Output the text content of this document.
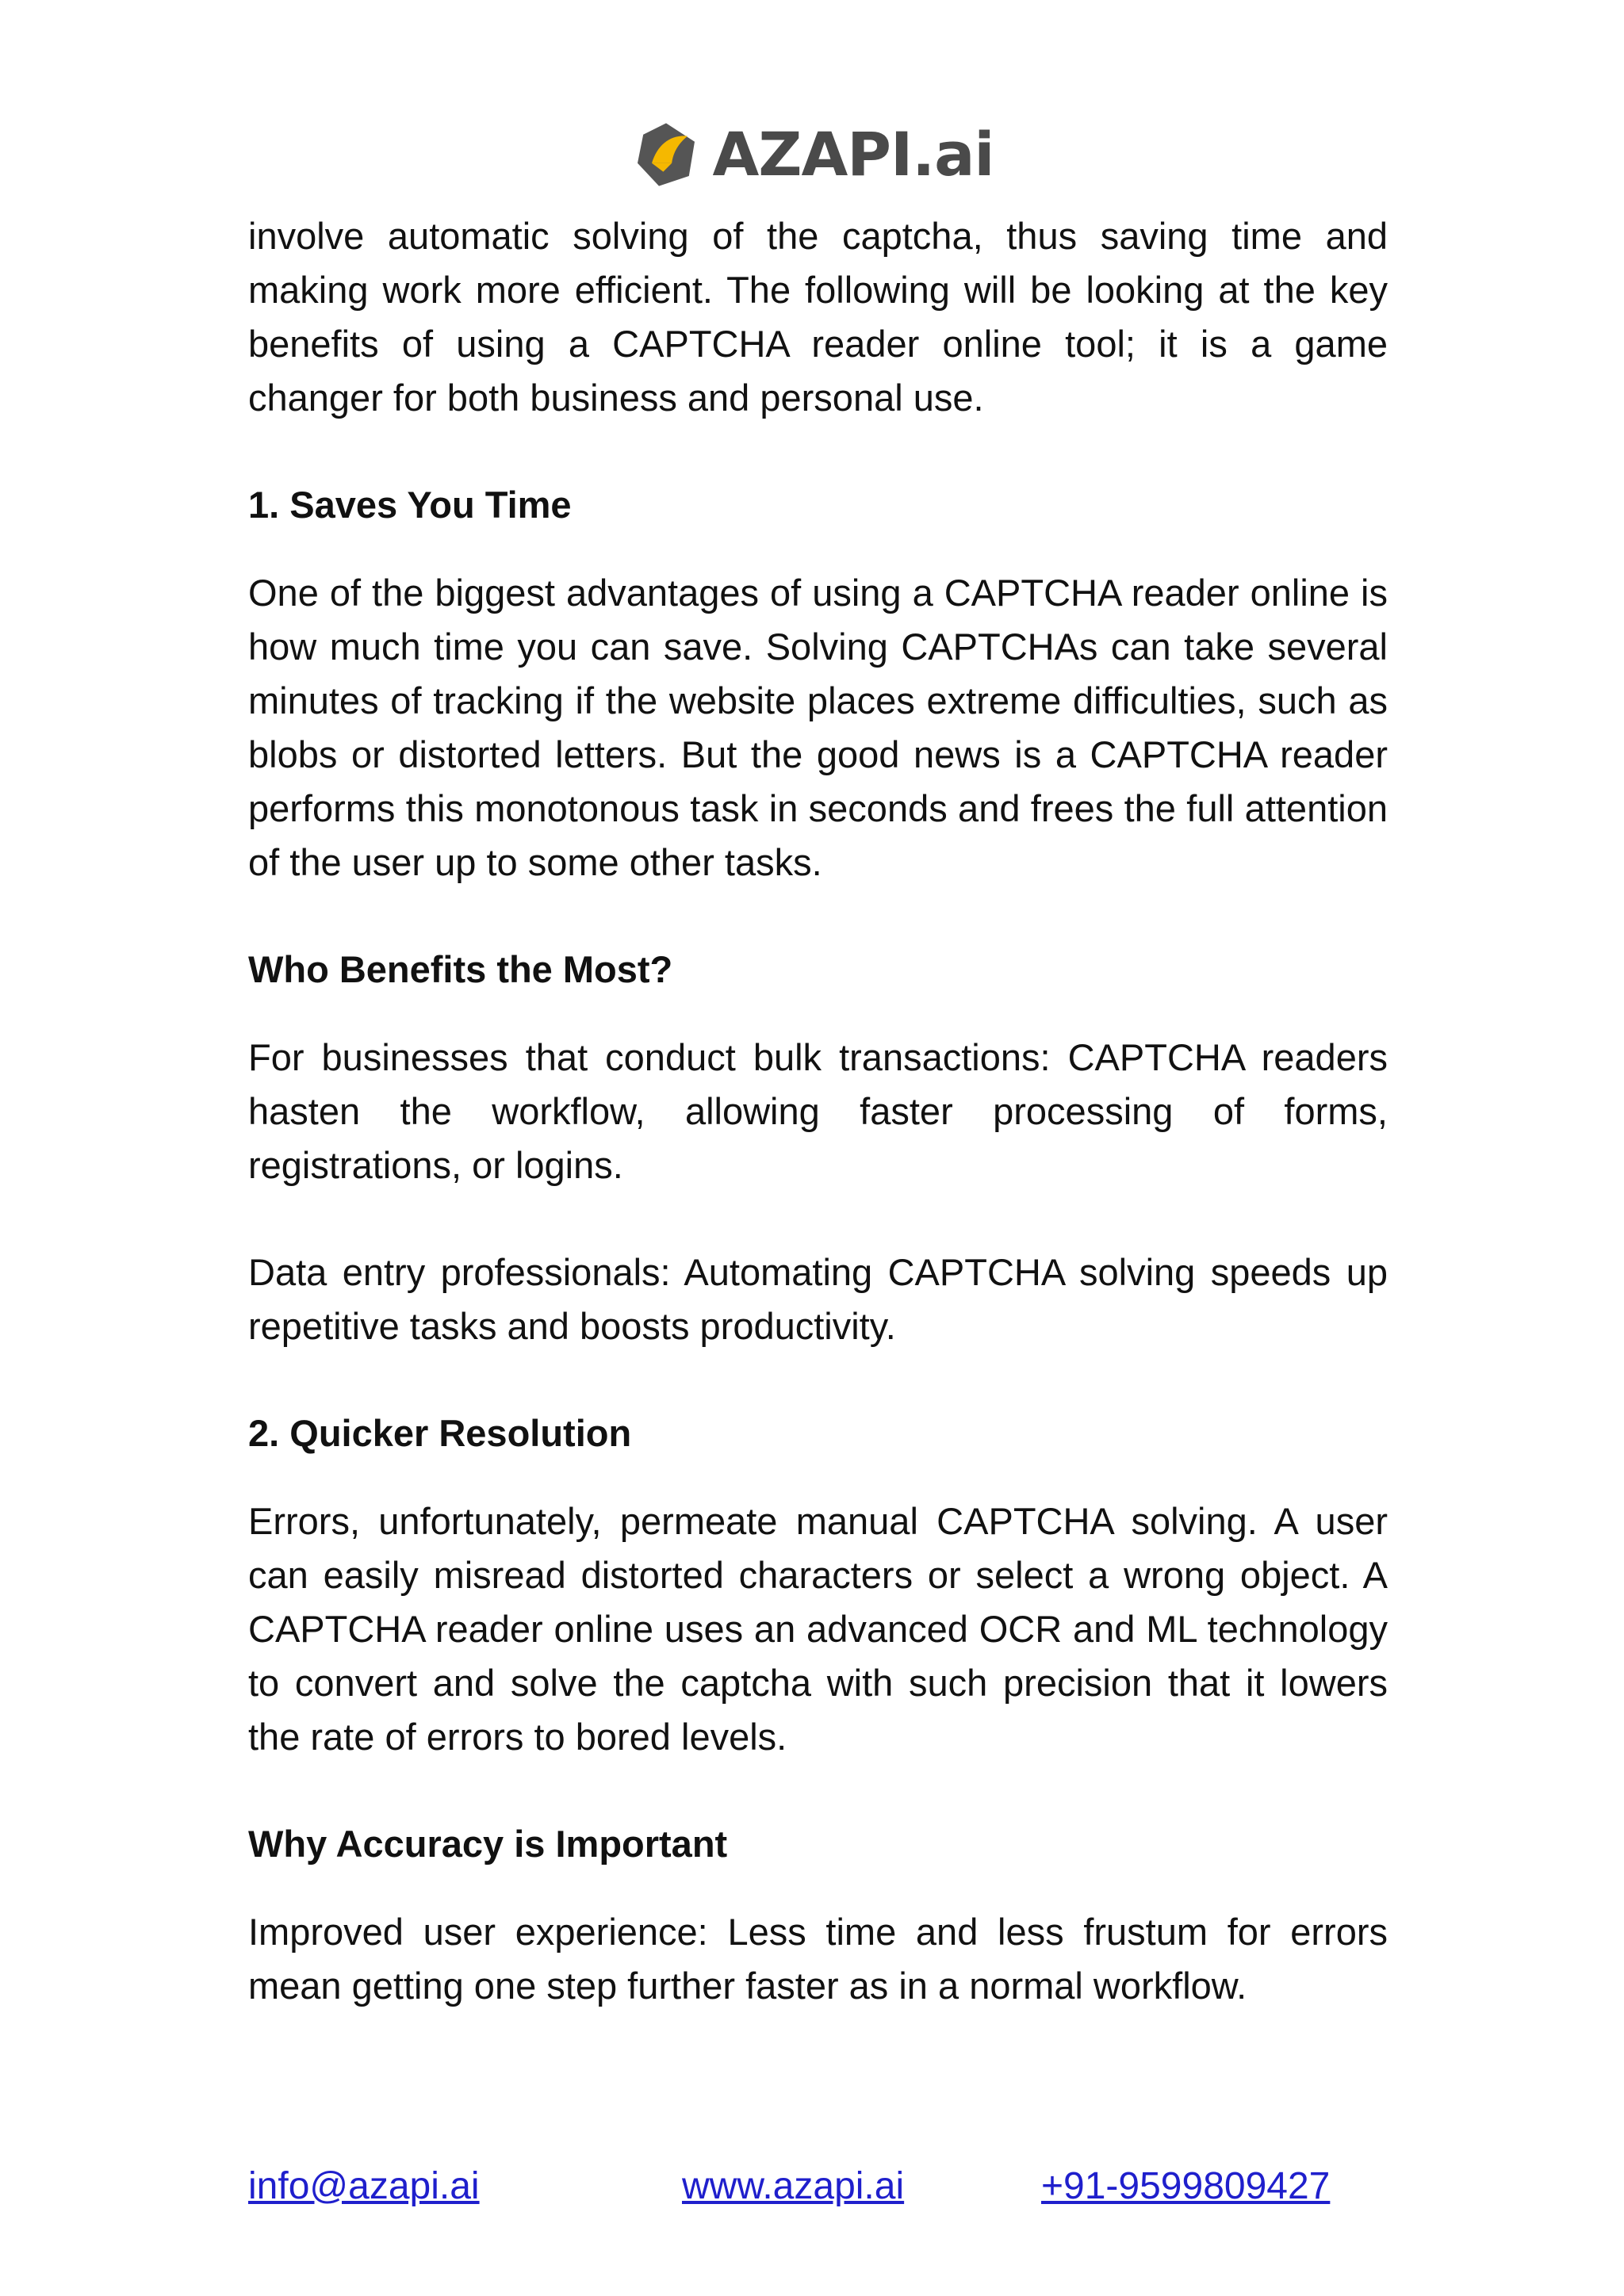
AZAPI.ai

involve automatic solving of the captcha, thus saving time and making work more efficient. The following will be looking at the key benefits of using a CAPTCHA reader online tool; it is a game changer for both business and personal use.

1. Saves You Time

One of the biggest advantages of using a CAPTCHA reader online is how much time you can save. Solving CAPTCHAs can take several minutes of tracking if the website places extreme difficulties, such as blobs or distorted letters. But the good news is a CAPTCHA reader performs this monotonous task in seconds and frees the full attention of the user up to some other tasks.

Who Benefits the Most?

For businesses that conduct bulk transactions: CAPTCHA readers hasten the workflow, allowing faster processing of forms, registrations, or logins.

Data entry professionals: Automating CAPTCHA solving speeds up repetitive tasks and boosts productivity.

2. Quicker Resolution

Errors, unfortunately, permeate manual CAPTCHA solving. A user can easily misread distorted characters or select a wrong object. A CAPTCHA reader online uses an advanced OCR and ML technology to convert and solve the captcha with such precision that it lowers the rate of errors to bored levels.

Why Accuracy is Important

Improved user experience: Less time and less frustum for errors mean getting one step further faster as in a normal workflow.

info@azapi.ai	www.azapi.ai	+91-9599809427
